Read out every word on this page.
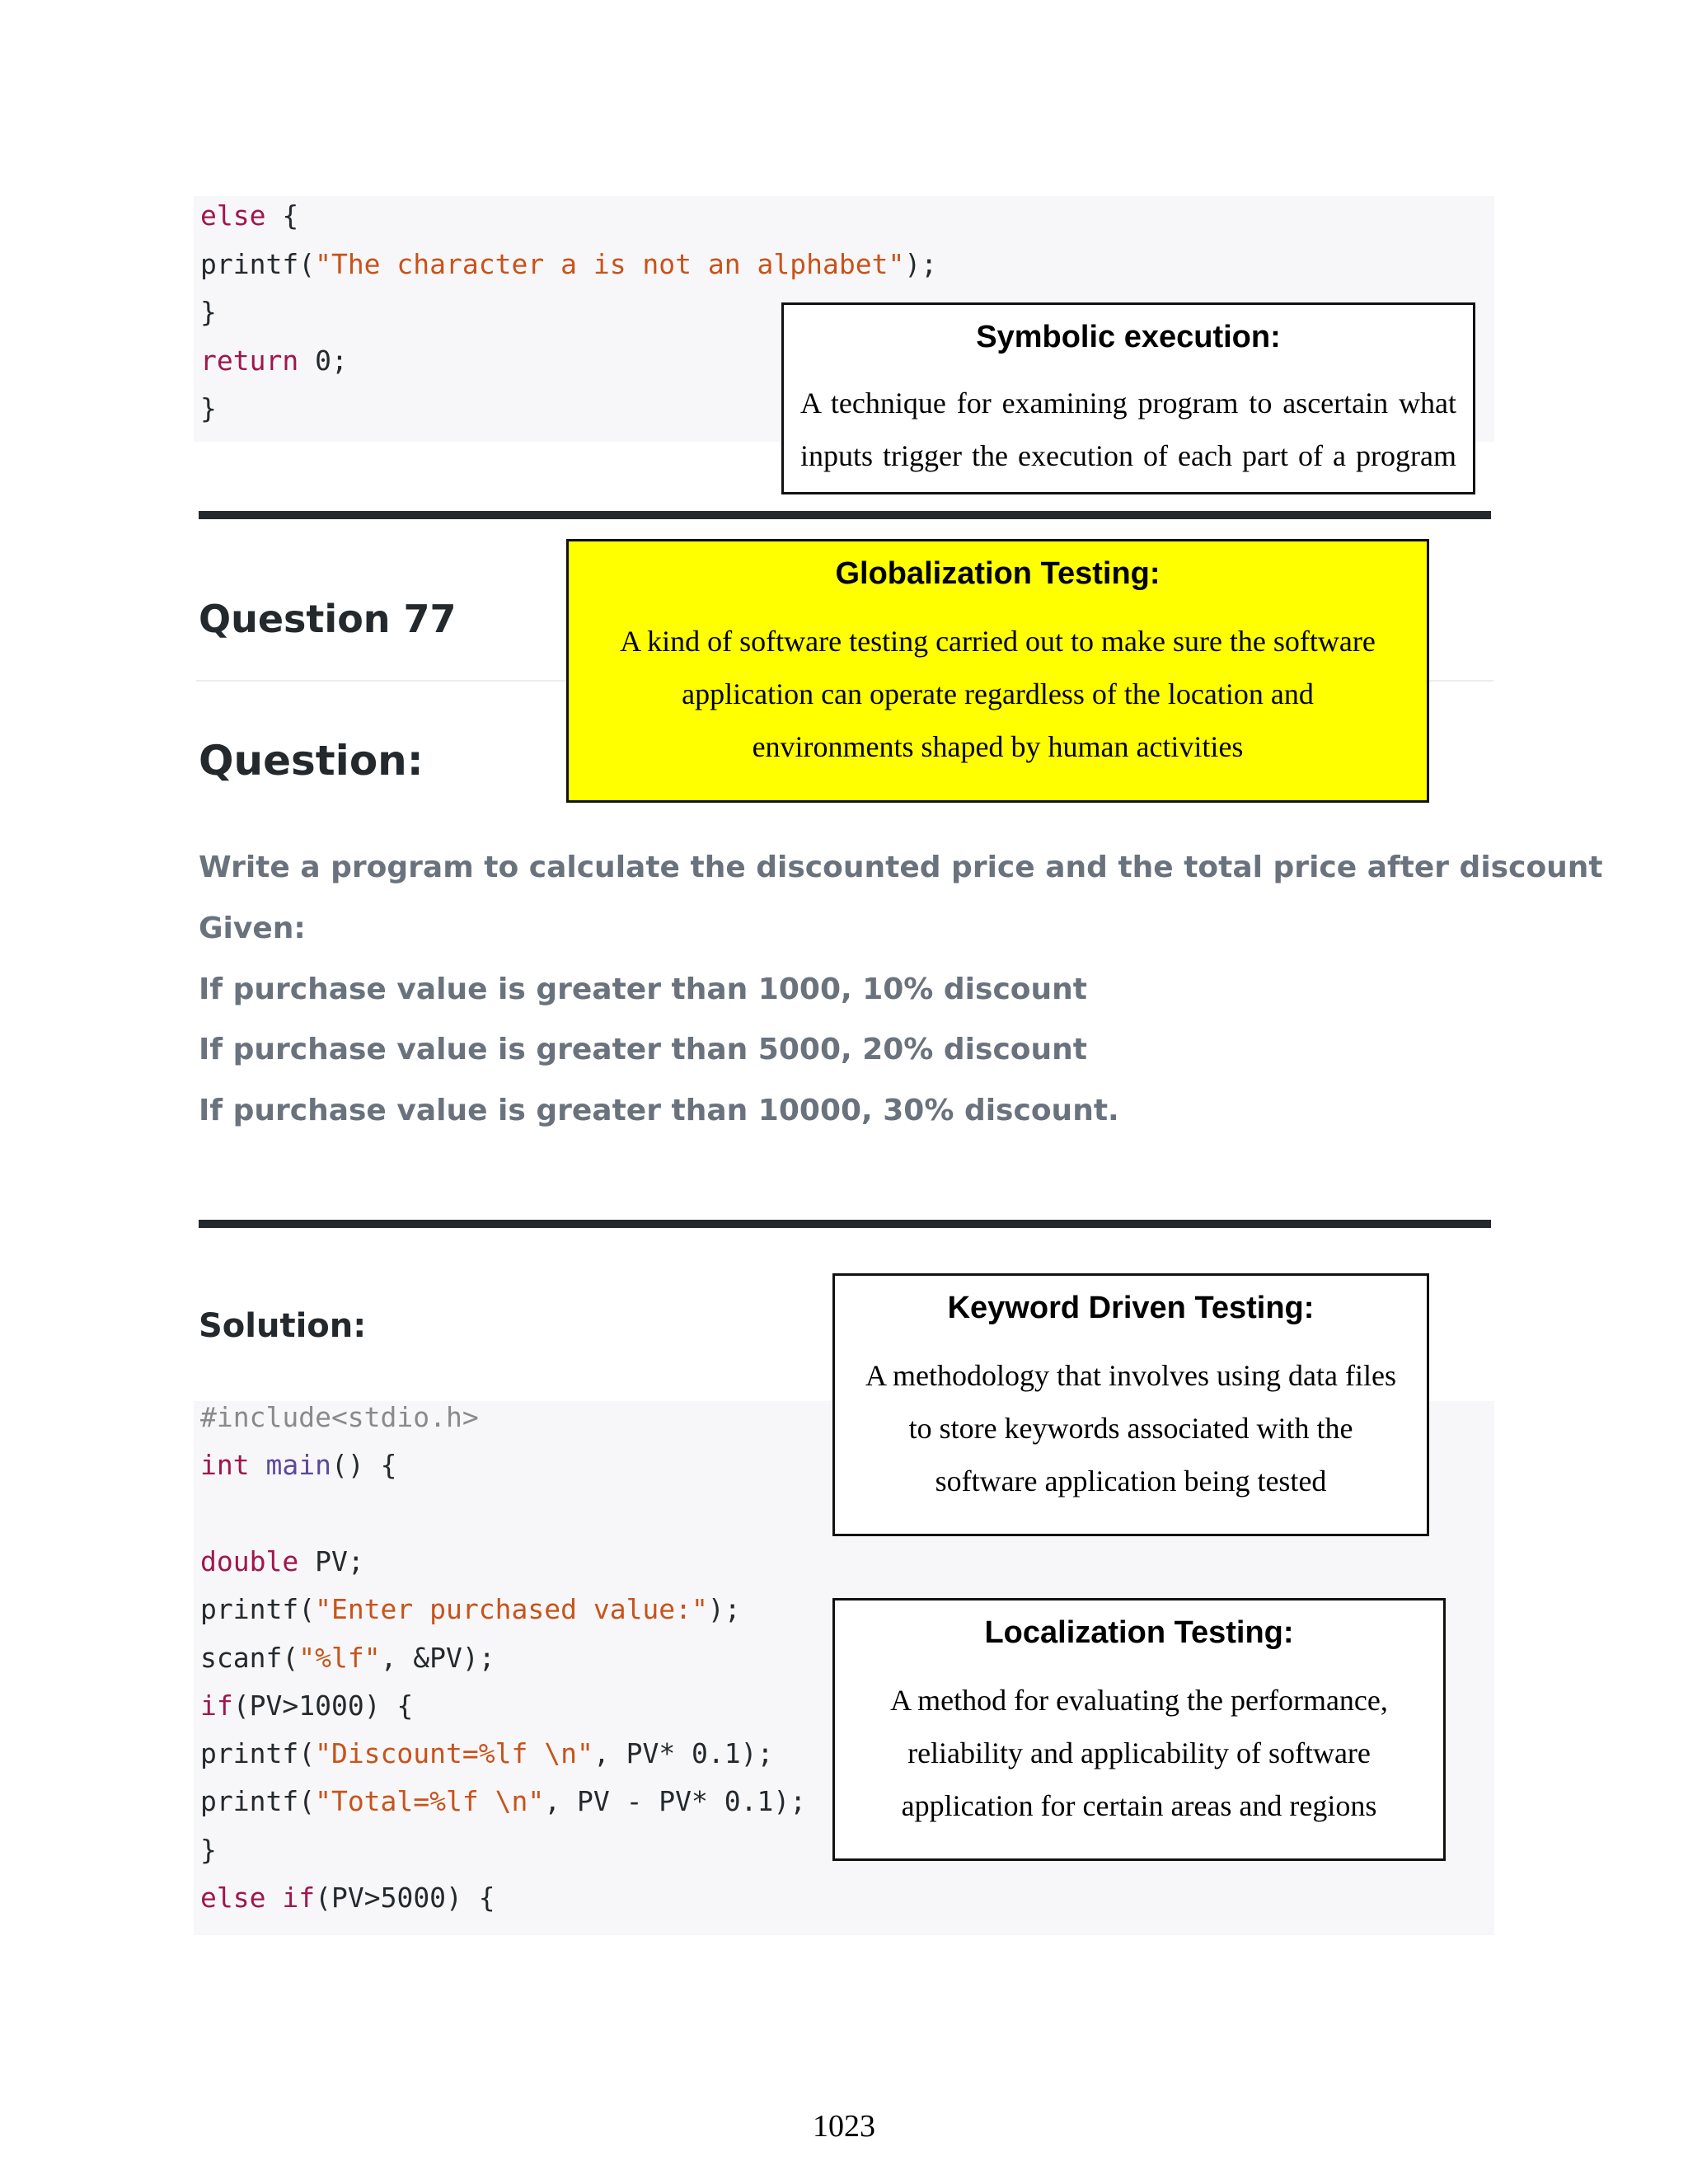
else {
printf("The character a is not an alphabet");
}
return 0;
}
Symbolic execution:
A technique for examining program to ascertain what
inputs trigger the execution of each part of a program
Question 77
Question:
Globalization Testing:
A kind of software testing carried out to make sure the software
application can operate regardless of the location and
environments shaped by human activities
Write a program to calculate the discounted price and the total price after discount
Given:
If purchase value is greater than 1000, 10% discount
If purchase value is greater than 5000, 20% discount
If purchase value is greater than 10000, 30% discount.
Solution:
#include<stdio.h>
int main() {
double PV;
printf("Enter purchased value:");
scanf("%lf", &PV);
if(PV>1000) {
printf("Discount=%lf \n", PV* 0.1);
printf("Total=%lf \n", PV - PV* 0.1);
}
else if(PV>5000) {
Keyword Driven Testing:
A methodology that involves using data files
to store keywords associated with the
software application being tested
Localization Testing:
A method for evaluating the performance,
reliability and applicability of software
application for certain areas and regions
1023
